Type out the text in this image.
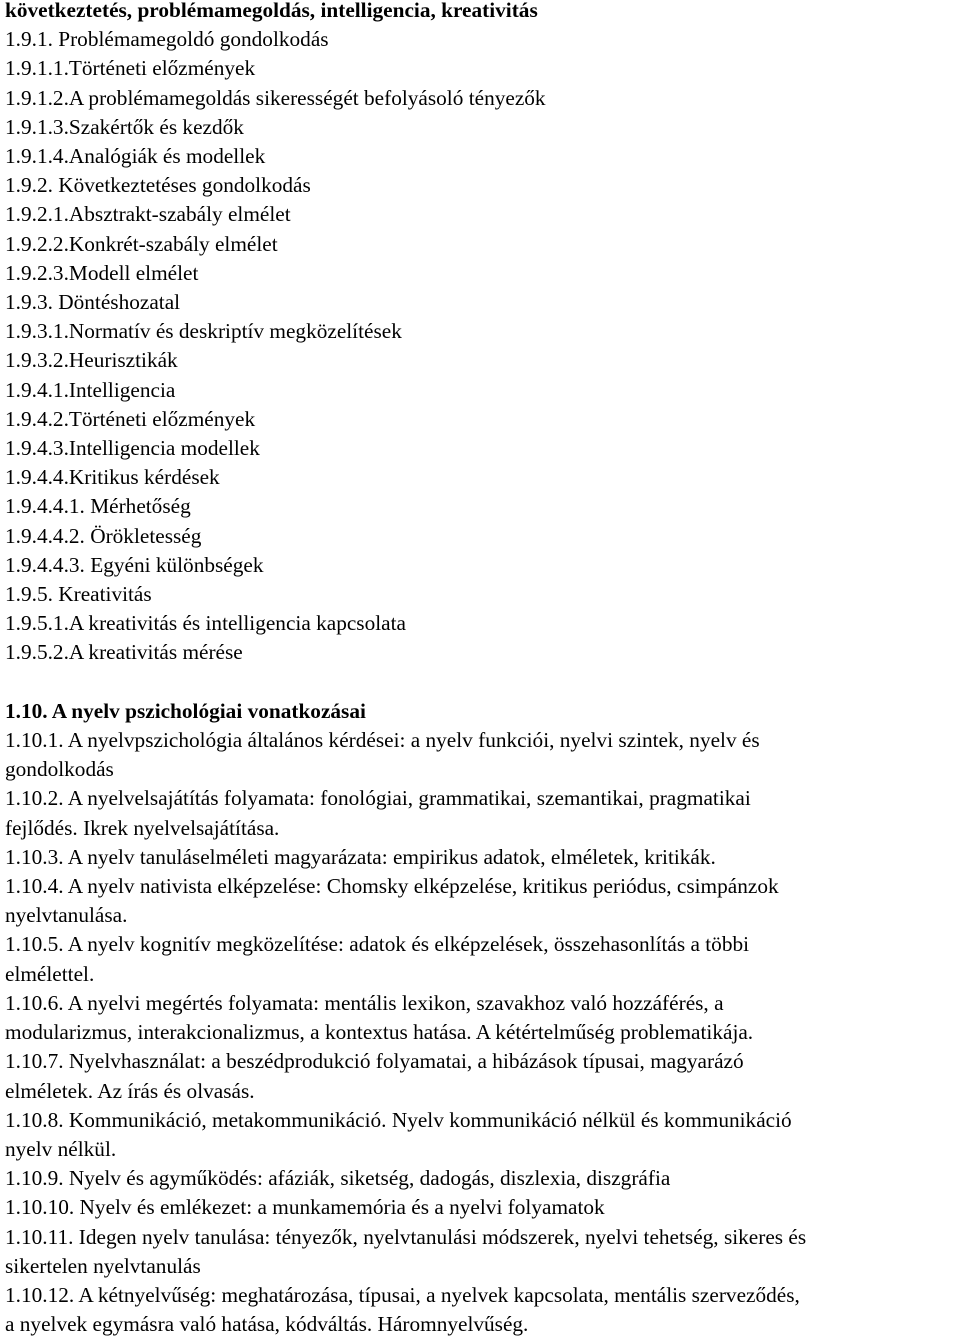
következtetés, problémamegoldás, intelligencia, kreativitás
1.9.1. Problémamegoldó gondolkodás
1.9.1.1.Történeti előzmények
1.9.1.2.A problémamegoldás sikerességét befolyásoló tényezők
1.9.1.3.Szakértők és kezdők
1.9.1.4.Analógiák és modellek
1.9.2. Következtetéses gondolkodás
1.9.2.1.Absztrakt-szabály elmélet
1.9.2.2.Konkrét-szabály elmélet
1.9.2.3.Modell elmélet
1.9.3. Döntéshozatal
1.9.3.1.Normatív és deskriptív megközelítések
1.9.3.2.Heurisztikák
1.9.4.1.Intelligencia
1.9.4.2.Történeti előzmények
1.9.4.3.Intelligencia modellek
1.9.4.4.Kritikus kérdések
1.9.4.4.1. Mérhetőség
1.9.4.4.2. Örökletesség
1.9.4.4.3. Egyéni különbségek
1.9.5. Kreativitás
1.9.5.1.A kreativitás és intelligencia kapcsolata
1.9.5.2.A kreativitás mérése
1.10. A nyelv pszichológiai vonatkozásai
1.10.1. A nyelvpszichológia általános kérdései: a nyelv funkciói, nyelvi szintek, nyelv és
gondolkodás
1.10.2. A nyelvelsajátítás folyamata: fonológiai, grammatikai, szemantikai, pragmatikai
fejlődés. Ikrek nyelvelsajátítása.
1.10.3. A nyelv tanuláselméleti magyarázata: empirikus adatok, elméletek, kritikák.
1.10.4. A nyelv nativista elképzelése: Chomsky elképzelése, kritikus periódus, csimpánzok
nyelvtanulása.
1.10.5. A nyelv kognitív megközelítése: adatok és elképzelések, összehasonlítás a többi
elmélettel.
1.10.6. A nyelvi megértés folyamata: mentális lexikon, szavakhoz való hozzáférés, a
modularizmus, interakcionalizmus, a kontextus hatása. A kétértelműség problematikája.
1.10.7. Nyelvhasználat: a beszédprodukció folyamatai, a hibázások típusai, magyarázó
elméletek. Az írás és olvasás.
1.10.8. Kommunikáció, metakommunikáció. Nyelv kommunikáció nélkül és kommunikáció
nyelv nélkül.
1.10.9. Nyelv és agyműködés: afáziák, siketség, dadogás, diszlexia, diszgráfia
1.10.10. Nyelv és emlékezet: a munkamemória és a nyelvi folyamatok
1.10.11. Idegen nyelv tanulása: tényezők, nyelvtanulási módszerek, nyelvi tehetség, sikeres és
sikertelen nyelvtanulás
1.10.12. A kétnyelvűség: meghatározása, típusai, a nyelvek kapcsolata, mentális szerveződés,
a nyelvek egymásra való hatása, kódváltás. Háromnyelvűség.
